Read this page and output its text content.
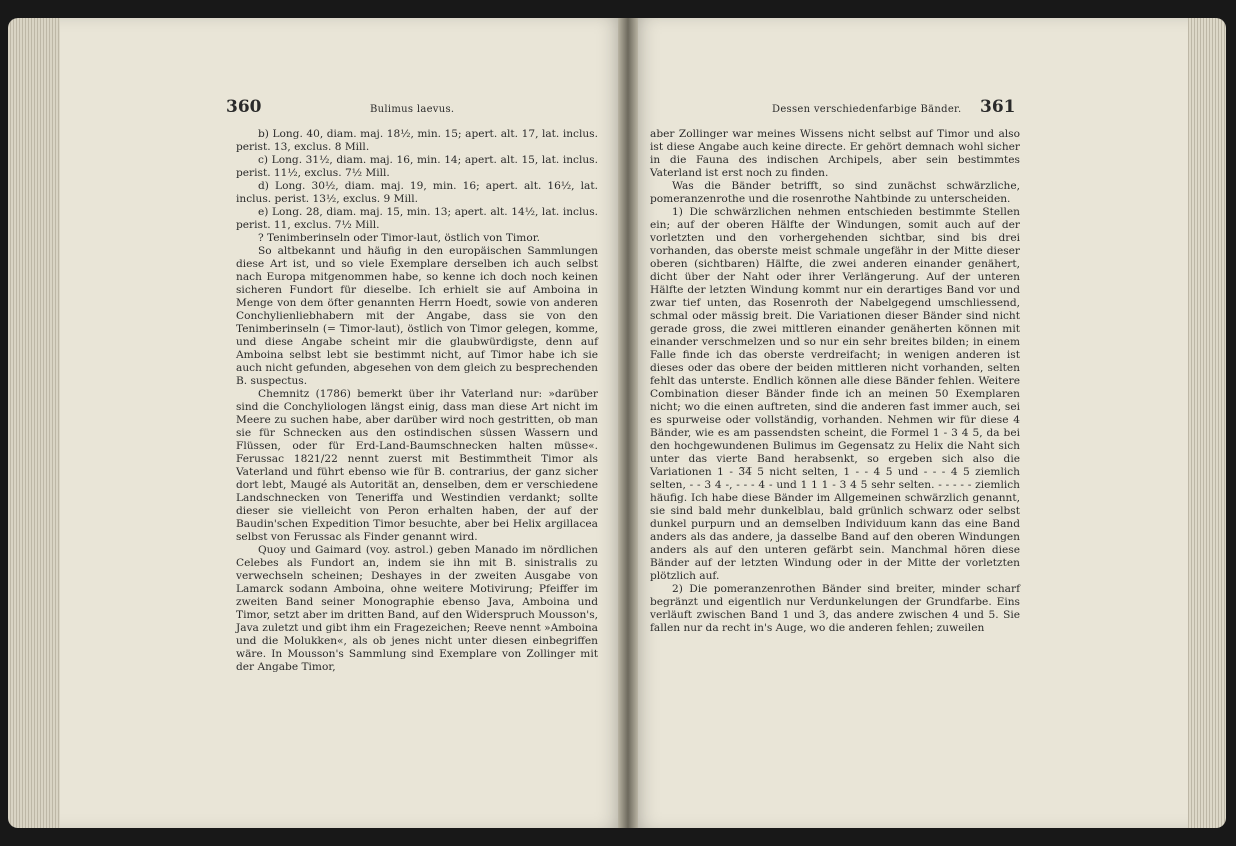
360	Bulimus laevus.

b) Long. 40, diam. maj. 18½, min. 15; apert. alt. 17, lat. inclus. perist. 13, exclus. 8 Mill.

c) Long. 31½, diam. maj. 16, min. 14; apert. alt. 15, lat. inclus. perist. 11½, exclus. 7½ Mill.

d) Long. 30½, diam. maj. 19, min. 16; apert. alt. 16½, lat. inclus. perist. 13½, exclus. 9 Mill.

e) Long. 28, diam. maj. 15, min. 13; apert. alt. 14½, lat. inclus. perist. 11, exclus. 7½ Mill.

? Tenimberinseln oder Timor-laut, östlich von Timor.

So altbekannt und häufig in den europäischen Sammlungen diese Art ist, und so viele Exemplare derselben ich auch selbst nach Europa mitgenommen habe, so kenne ich doch noch keinen sicheren Fundort für dieselbe. Ich erhielt sie auf Amboina in Menge von dem öfter genannten Herrn Hoedt, sowie von anderen Conchylienliebhabern mit der Angabe, dass sie von den Tenimberinseln (= Timor-laut), östlich von Timor gelegen, komme, und diese Angabe scheint mir die glaubwürdigste, denn auf Amboina selbst lebt sie bestimmt nicht, auf Timor habe ich sie auch nicht gefunden, abgesehen von dem gleich zu besprechenden B. suspectus.

Chemnitz (1786) bemerkt über ihr Vaterland nur: »darüber sind die Conchyliologen längst einig, dass man diese Art nicht im Meere zu suchen habe, aber darüber wird noch gestritten, ob man sie für Schnecken aus den ostindischen süssen Wassern und Flüssen, oder für Erd-Land-Baumschnecken halten müsse«. Ferussac 1821/22 nennt zuerst mit Bestimmtheit Timor als Vaterland und führt ebenso wie für B. contrarius, der ganz sicher dort lebt, Maugé als Autorität an, denselben, dem er verschiedene Landschnecken von Teneriffa und Westindien verdankt; sollte dieser sie vielleicht von Peron erhalten haben, der auf der Baudin'schen Expedition Timor besuchte, aber bei Helix argillacea selbst von Ferussac als Finder genannt wird.

Quoy und Gaimard (voy. astrol.) geben Manado im nördlichen Celebes als Fundort an, indem sie ihn mit B. sinistralis zu verwechseln scheinen; Deshayes in der zweiten Ausgabe von Lamarck sodann Amboina, ohne weitere Motivirung; Pfeiffer im zweiten Band seiner Monographie ebenso Java, Amboina und Timor, setzt aber im dritten Band, auf den Widerspruch Mousson's, Java zuletzt und gibt ihm ein Fragezeichen; Reeve nennt »Amboina und die Molukken«, als ob jenes nicht unter diesen einbegriffen wäre. In Mousson's Sammlung sind Exemplare von Zollinger mit der Angabe Timor,

Dessen verschiedenfarbige Bänder. 361

aber Zollinger war meines Wissens nicht selbst auf Timor und also ist diese Angabe auch keine directe. Er gehört demnach wohl sicher in die Fauna des indischen Archipels, aber sein bestimmtes Vaterland ist erst noch zu finden.

Was die Bänder betrifft, so sind zunächst schwärzliche, pomeranzenrothe und die rosenrothe Nahtbinde zu unterscheiden.

1) Die schwärzlichen nehmen entschieden bestimmte Stellen ein; auf der oberen Hälfte der Windungen, somit auch auf der vorletzten und den vorhergehenden sichtbar, sind bis drei vorhanden, das oberste meist schmale ungefähr in der Mitte dieser oberen (sichtbaren) Hälfte, die zwei anderen einander genähert, dicht über der Naht oder ihrer Verlängerung. Auf der unteren Hälfte der letzten Windung kommt nur ein derartiges Band vor und zwar tief unten, das Rosenroth der Nabelgegend umschliessend, schmal oder mässig breit. Die Variationen dieser Bänder sind nicht gerade gross, die zwei mittleren einander genäherten können mit einander verschmelzen und so nur ein sehr breites bilden; in einem Falle finde ich das oberste verdreifacht; in wenigen anderen ist dieses oder das obere der beiden mittleren nicht vorhanden, selten fehlt das unterste. Endlich können alle diese Bänder fehlen. Weitere Combination dieser Bänder finde ich an meinen 50 Exemplaren nicht; wo die einen auftreten, sind die anderen fast immer auch, sei es spurweise oder vollständig, vorhanden. Nehmen wir für diese 4 Bänder, wie es am passendsten scheint, die Formel 1 - 3 4 5, da bei den hochgewundenen Bulimus im Gegensatz zu Helix die Naht sich unter das vierte Band herabsenkt, so ergeben sich also die Variationen 1 - 3̅4̅ 5 nicht selten, 1 - - 4 5 und - - - 4 5 ziemlich selten, - - 3 4 -, - - - 4 - und 1 1 1 - 3 4 5 sehr selten. - - - - - ziemlich häufig. Ich habe diese Bänder im Allgemeinen schwärzlich genannt, sie sind bald mehr dunkelblau, bald grünlich schwarz oder selbst dunkel purpurn und an demselben Individuum kann das eine Band anders als das andere, ja dasselbe Band auf den oberen Windungen anders als auf den unteren gefärbt sein. Manchmal hören diese Bänder auf der letzten Windung oder in der Mitte der vorletzten plötzlich auf.

2) Die pomeranzenrothen Bänder sind breiter, minder scharf begränzt und eigentlich nur Verdunkelungen der Grundfarbe. Eins verläuft zwischen Band 1 und 3, das andere zwischen 4 und 5. Sie fallen nur da recht in's Auge, wo die anderen fehlen; zuweilen
